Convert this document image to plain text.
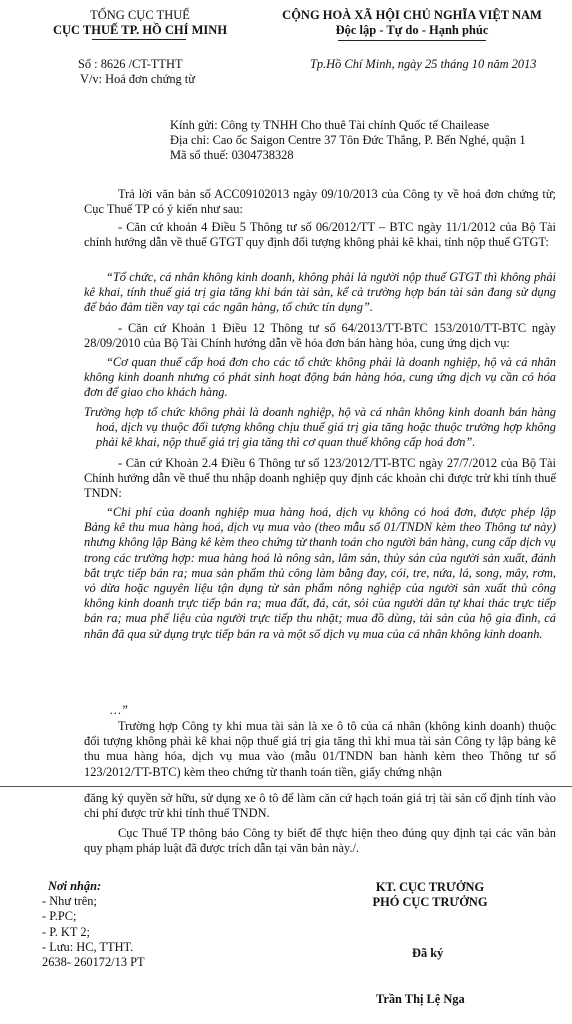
TỔNG CỤC THUẾ
CỤC THUẾ TP. HỒ CHÍ MINH
CỘNG HOÀ XÃ HỘI CHỦ NGHĨA VIỆT NAM
Độc lập - Tự do - Hạnh phúc
Số : 8626 /CT-TTHT
V/v: Hoá đơn chứng từ
Tp.Hồ Chí Minh, ngày 25 tháng 10 năm 2013
Kính gửi: Công ty TNHH Cho thuê Tài chính Quốc tế Chailease
Địa chỉ: Cao ốc Saigon Centre 37 Tôn Đức Thắng, P. Bến Nghé, quận 1
Mã số thuế: 0304738328
Trả lời văn bản số ACC09102013 ngày 09/10/2013 của Công ty về hoá đơn chứng từ; Cục Thuế TP có ý kiến như sau:
- Căn cứ khoản 4 Điều 5 Thông tư số 06/2012/TT – BTC ngày 11/1/2012 của Bộ Tài chính hướng dẫn về thuế GTGT quy định đối tượng không phải kê khai, tính nộp thuế GTGT:
“Tổ chức, cá nhân không kinh doanh, không phải là người nộp thuế GTGT thì không phải kê khai, tính thuế giá trị gia tăng khi bán tài sản, kể cả trường hợp bán tài sản đang sử dụng để bảo đảm tiền vay tại các ngân hàng, tổ chức tín dụng”.
- Căn cứ Khoản 1 Điều 12 Thông tư số 64/2013/TT-BTC 153/2010/TT-BTC ngày 28/09/2010 của Bộ Tài Chính hướng dẫn về hóa đơn bán hàng hóa, cung ứng dịch vụ:
“Cơ quan thuế cấp hoá đơn cho các tổ chức không phải là doanh nghiệp, hộ và cá nhân không kinh doanh nhưng có phát sinh hoạt động bán hàng hóa, cung ứng dịch vụ cần có hóa đơn để giao cho khách hàng.
Trường hợp tổ chức không phải là doanh nghiệp, hộ và cá nhân không kinh doanh bán hàng hoá, dịch vụ thuộc đối tượng không chịu thuế giá trị gia tăng hoặc thuộc trường hợp không phải kê khai, nộp thuế giá trị gia tăng thì cơ quan thuế không cấp hoá đơn”.
- Căn cứ Khoản 2.4 Điều 6 Thông tư số 123/2012/TT-BTC ngày 27/7/2012 của Bộ Tài Chính hướng dẫn về thuế thu nhập doanh nghiệp quy định các khoản chi được trừ khi tính thuế TNDN:
“Chi phí của doanh nghiệp mua hàng hoá, dịch vụ không có hoá đơn, được phép lập Bảng kê thu mua hàng hoá, dịch vụ mua vào (theo mẫu số 01/TNDN kèm theo Thông tư này) nhưng không lập Bảng kê kèm theo chứng từ thanh toán cho người bán hàng, cung cấp dịch vụ trong các trường hợp: mua hàng hoá là nông sản, lâm sản, thủy sản của người sản xuất, đánh bắt trực tiếp bán ra; mua sản phẩm thủ công làm bằng đay, cói, tre, nứa, lá, song, mây, rơm, vỏ dừa hoặc nguyên liệu tận dụng từ sản phẩm nông nghiệp của người sản xuất thủ công không kinh doanh trực tiếp bán ra; mua đất, đá, cát, sỏi của người dân tự khai thác trực tiếp bán ra; mua phế liệu của người trực tiếp thu nhặt; mua đồ dùng, tài sản của hộ gia đình, cá nhân đã qua sử dụng trực tiếp bán ra và một số dịch vụ mua của cá nhân không kinh doanh.
…”
Trường hợp Công ty khi mua tài sản là xe ô tô của cá nhân (không kinh doanh) thuộc đối tượng không phải kê khai nộp thuế giá trị gia tăng thì khi mua tài sản Công ty lập bảng kê thu mua hàng hóa, dịch vụ mua vào (mẫu 01/TNDN ban hành kèm theo Thông tư số 123/2012/TT-BTC) kèm theo chứng từ thanh toán tiền, giấy chứng nhận
đăng ký quyền sở hữu, sử dụng xe ô tô để làm căn cứ hạch toán giá trị tài sản cố định tính vào chi phí được trừ khi tính thuế TNDN.
Cục Thuế TP thông báo Công ty biết để thực hiện theo đúng quy định tại các văn bản quy phạm pháp luật đã được trích dẫn tại văn bản này./.
Nơi nhận:
- Như trên;
- P.PC;
- P. KT 2;
- Lưu: HC, TTHT.
2638- 260172/13 PT
KT. CỤC TRƯỞNG
PHÓ CỤC TRƯỞNG
Đã ký
Trần Thị Lệ Nga
